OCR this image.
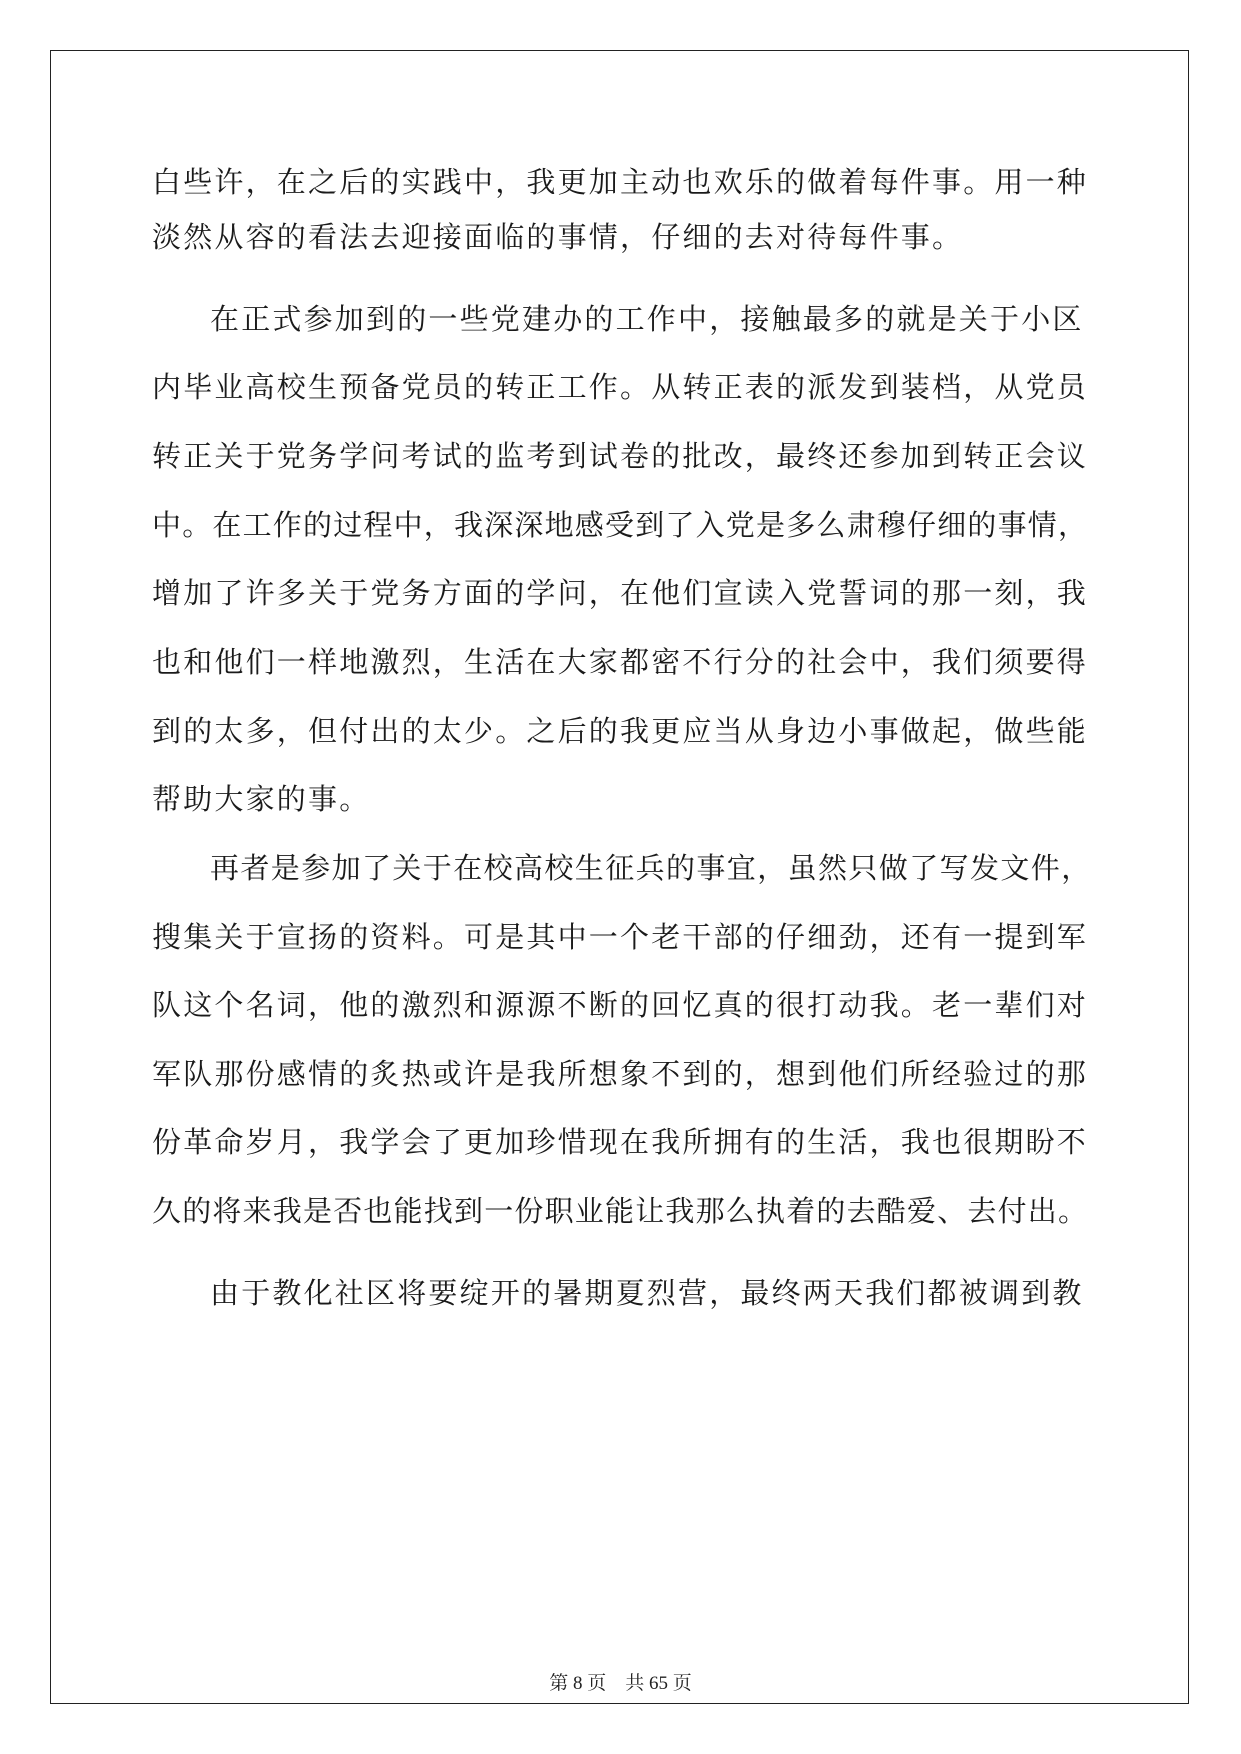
白些许，在之后的实践中，我更加主动也欢乐的做着每件事。用一种
淡然从容的看法去迎接面临的事情，仔细的去对待每件事。
在正式参加到的一些党建办的工作中，接触最多的就是关于小区
内毕业高校生预备党员的转正工作。从转正表的派发到装档，从党员
转正关于党务学问考试的监考到试卷的批改，最终还参加到转正会议
中。在工作的过程中，我深深地感受到了入党是多么肃穆仔细的事情，
增加了许多关于党务方面的学问，在他们宣读入党誓词的那一刻，我
也和他们一样地激烈，生活在大家都密不行分的社会中，我们须要得
到的太多，但付出的太少。之后的我更应当从身边小事做起，做些能
帮助大家的事。
再者是参加了关于在校高校生征兵的事宜，虽然只做了写发文件，
搜集关于宣扬的资料。可是其中一个老干部的仔细劲，还有一提到军
队这个名词，他的激烈和源源不断的回忆真的很打动我。老一辈们对
军队那份感情的炙热或许是我所想象不到的，想到他们所经验过的那
份革命岁月，我学会了更加珍惜现在我所拥有的生活，我也很期盼不
久的将来我是否也能找到一份职业能让我那么执着的去酷爱、去付出。
由于教化社区将要绽开的暑期夏烈营，最终两天我们都被调到教
第 8 页 共 65 页
